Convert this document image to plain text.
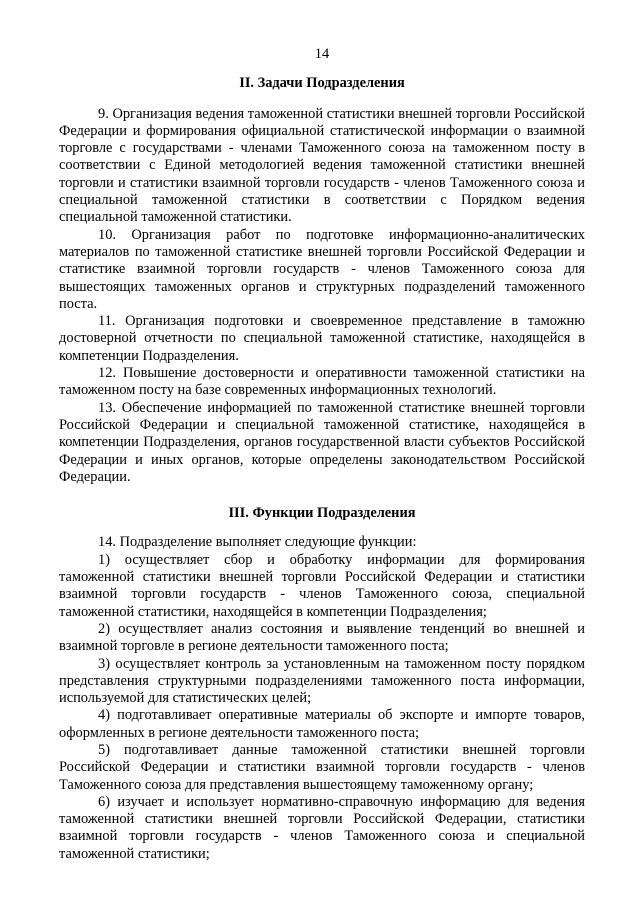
14
II. Задачи Подразделения

9. Организация ведения таможенной статистики внешней торговли Российской Федерации и формирования официальной статистической информации о взаимной торговле с государствами - членами Таможенного союза на таможенном посту в соответствии с Единой методологией ведения таможенной статистики внешней торговли и статистики взаимной торговли государств - членов Таможенного союза и специальной таможенной статистики в соответствии с Порядком ведения специальной таможенной статистики.

10. Организация работ по подготовке информационно-аналитических материалов по таможенной статистике внешней торговли Российской Федерации и статистике взаимной торговли государств - членов Таможенного союза для вышестоящих таможенных органов и структурных подразделений таможенного поста.

11. Организация подготовки и своевременное представление в таможню достоверной отчетности по специальной таможенной статистике, находящейся в компетенции Подразделения.

12. Повышение достоверности и оперативности таможенной статистики на таможенном посту на базе современных информационных технологий.

13. Обеспечение информацией по таможенной статистике внешней торговли Российской Федерации и специальной таможенной статистике, находящейся в компетенции Подразделения, органов государственной власти субъектов Российской Федерации и иных органов, которые определены законодательством Российской Федерации.

III. Функции Подразделения

14. Подразделение выполняет следующие функции:

1) осуществляет сбор и обработку информации для формирования таможенной статистики внешней торговли Российской Федерации и статистики взаимной торговли государств - членов Таможенного союза, специальной таможенной статистики, находящейся в компетенции Подразделения;

2) осуществляет анализ состояния и выявление тенденций во внешней и взаимной торговле в регионе деятельности таможенного поста;

3) осуществляет контроль за установленным на таможенном посту порядком представления структурными подразделениями таможенного поста информации, используемой для статистических целей;

4) подготавливает оперативные материалы об экспорте и импорте товаров, оформленных в регионе деятельности таможенного поста;

5) подготавливает данные таможенной статистики внешней торговли Российской Федерации и статистики взаимной торговли государств - членов Таможенного союза для представления вышестоящему таможенному органу;

6) изучает и использует нормативно-справочную информацию для ведения таможенной статистики внешней торговли Российской Федерации, статистики взаимной торговли государств - членов Таможенного союза и специальной таможенной статистики;
